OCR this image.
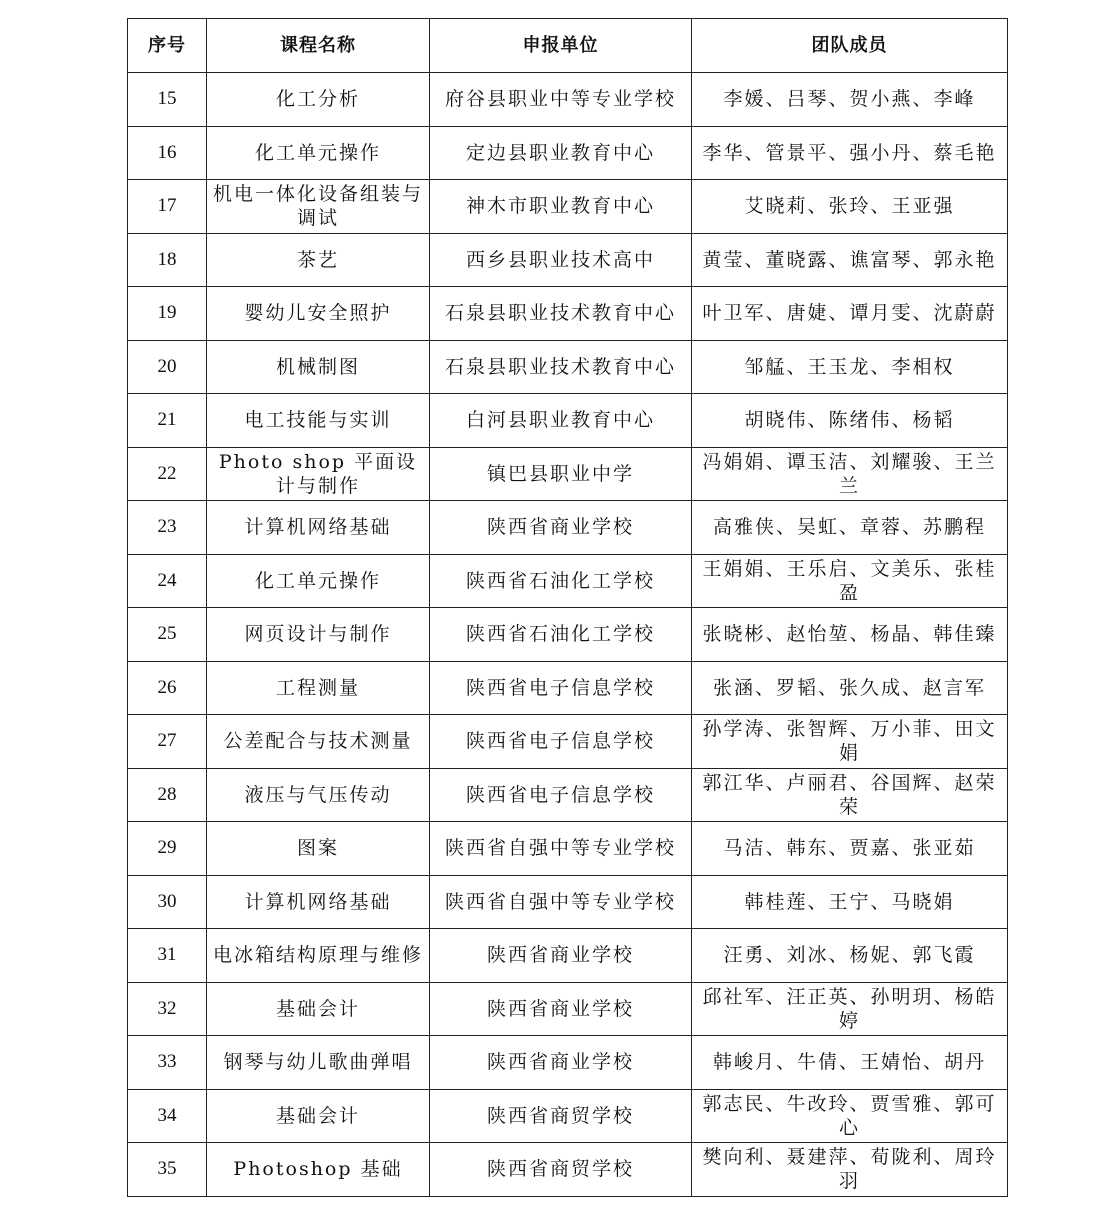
序号	课程名称	申报单位	团队成员
15	化工分析	府谷县职业中等专业学校	李媛、吕琴、贺小燕、李峰
16	化工单元操作	定边县职业教育中心	李华、管景平、强小丹、蔡毛艳
17	机电一体化设备组装与调试	神木市职业教育中心	艾晓莉、张玲、王亚强
18	茶艺	西乡县职业技术高中	黄莹、董晓露、谯富琴、郭永艳
19	婴幼儿安全照护	石泉县职业技术教育中心	叶卫军、唐婕、谭月雯、沈蔚蔚
20	机械制图	石泉县职业技术教育中心	邹艋、王玉龙、李相权
21	电工技能与实训	白河县职业教育中心	胡晓伟、陈绪伟、杨韬
22	Photo shop 平面设计与制作	镇巴县职业中学	冯娟娟、谭玉洁、刘耀骏、王兰兰
23	计算机网络基础	陕西省商业学校	高雅侠、吴虹、章蓉、苏鹏程
24	化工单元操作	陕西省石油化工学校	王娟娟、王乐启、文美乐、张桂盈
25	网页设计与制作	陕西省石油化工学校	张晓彬、赵怡堃、杨晶、韩佳臻
26	工程测量	陕西省电子信息学校	张涵、罗韬、张久成、赵言军
27	公差配合与技术测量	陕西省电子信息学校	孙学涛、张智辉、万小菲、田文娟
28	液压与气压传动	陕西省电子信息学校	郭江华、卢丽君、谷国辉、赵荣荣
29	图案	陕西省自强中等专业学校	马洁、韩东、贾嘉、张亚茹
30	计算机网络基础	陕西省自强中等专业学校	韩桂莲、王宁、马晓娟
31	电冰箱结构原理与维修	陕西省商业学校	汪勇、刘冰、杨妮、郭飞霞
32	基础会计	陕西省商业学校	邱社军、汪正英、孙明玥、杨皓婷
33	钢琴与幼儿歌曲弹唱	陕西省商业学校	韩峻月、牛倩、王婧怡、胡丹
34	基础会计	陕西省商贸学校	郭志民、牛改玲、贾雪雅、郭可心
35	Photoshop 基础	陕西省商贸学校	樊向利、聂建萍、荀陇利、周玲羽
